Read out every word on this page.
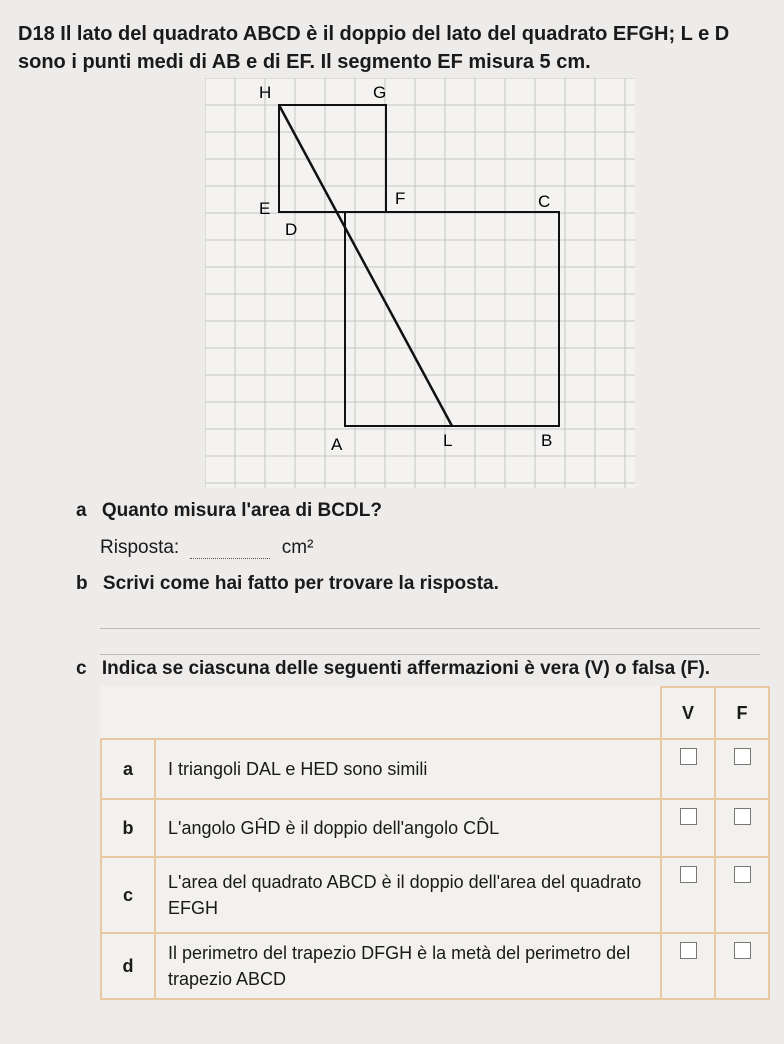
D18 Il lato del quadrato ABCD è il doppio del lato del quadrato EFGH; L e D sono i punti medi di AB e di EF. Il segmento EF misura 5 cm.
H	G
E
F
D
C
A	L	B
a Quanto misura l'area di BCDL?
Risposta:	cm²
b Scrivi come hai fatto per trovare la risposta.
c Indica se ciascuna delle seguenti affermazioni è vera (V) o falsa (F).
		V	F
a	I triangoli DAL e HED sono simili		
b	L'angolo GĤD è il doppio dell'angolo CD̂L		
c	L'area del quadrato ABCD è il doppio dell'area del quadrato EFGH		
d	Il perimetro del trapezio DFGH è la metà del perimetro del trapezio ABCD		
